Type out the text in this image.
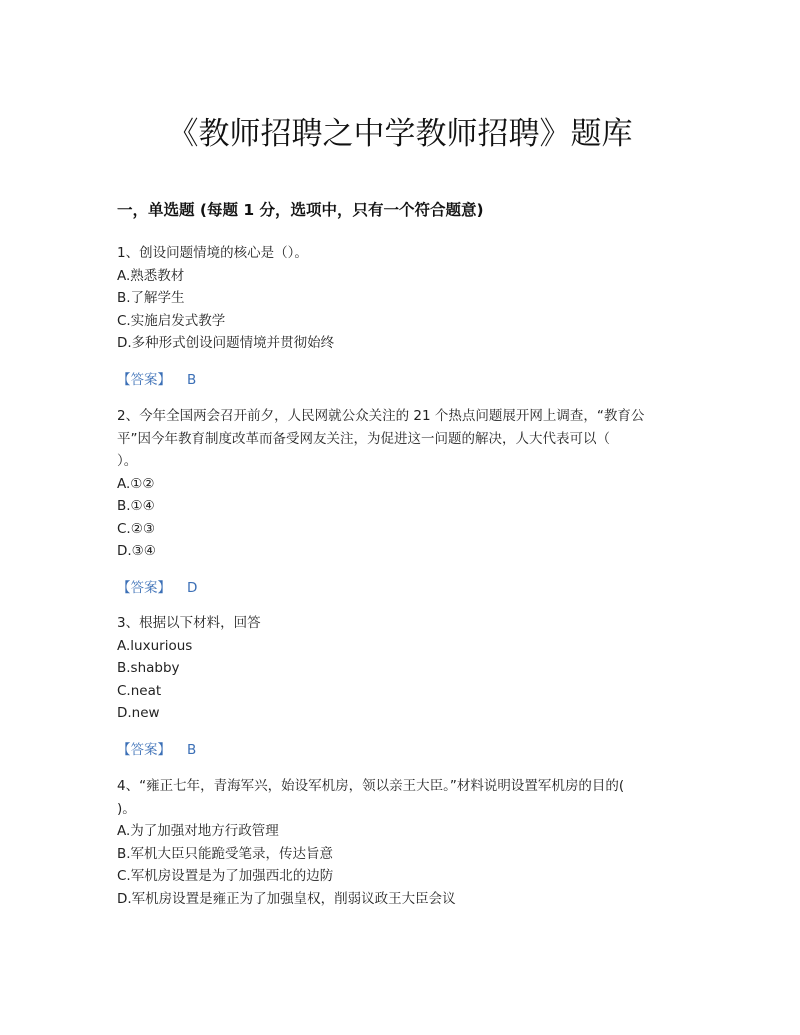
《教师招聘之中学教师招聘》题库
一，单选题 (每题 1 分，选项中，只有一个符合题意)
1、创设问题情境的核心是（）。
A.熟悉教材
B.了解学生
C.实施启发式教学
D.多种形式创设问题情境并贯彻始终
【答案】 B
2、今年全国两会召开前夕，人民网就公众关注的 21 个热点问题展开网上调查，“教育公
平”因今年教育制度改革而备受网友关注，为促进这一问题的解决，人大代表可以（
）。
A.①②
B.①④
C.②③
D.③④
【答案】 D
3、根据以下材料，回答
A.luxurious
B.shabby
C.neat
D.new
【答案】 B
4、“雍正七年，青海军兴，始设军机房，领以亲王大臣。”材料说明设置军机房的目的(
)。
A.为了加强对地方行政管理
B.军机大臣只能跪受笔录，传达旨意
C.军机房设置是为了加强西北的边防
D.军机房设置是雍正为了加强皇权，削弱议政王大臣会议
